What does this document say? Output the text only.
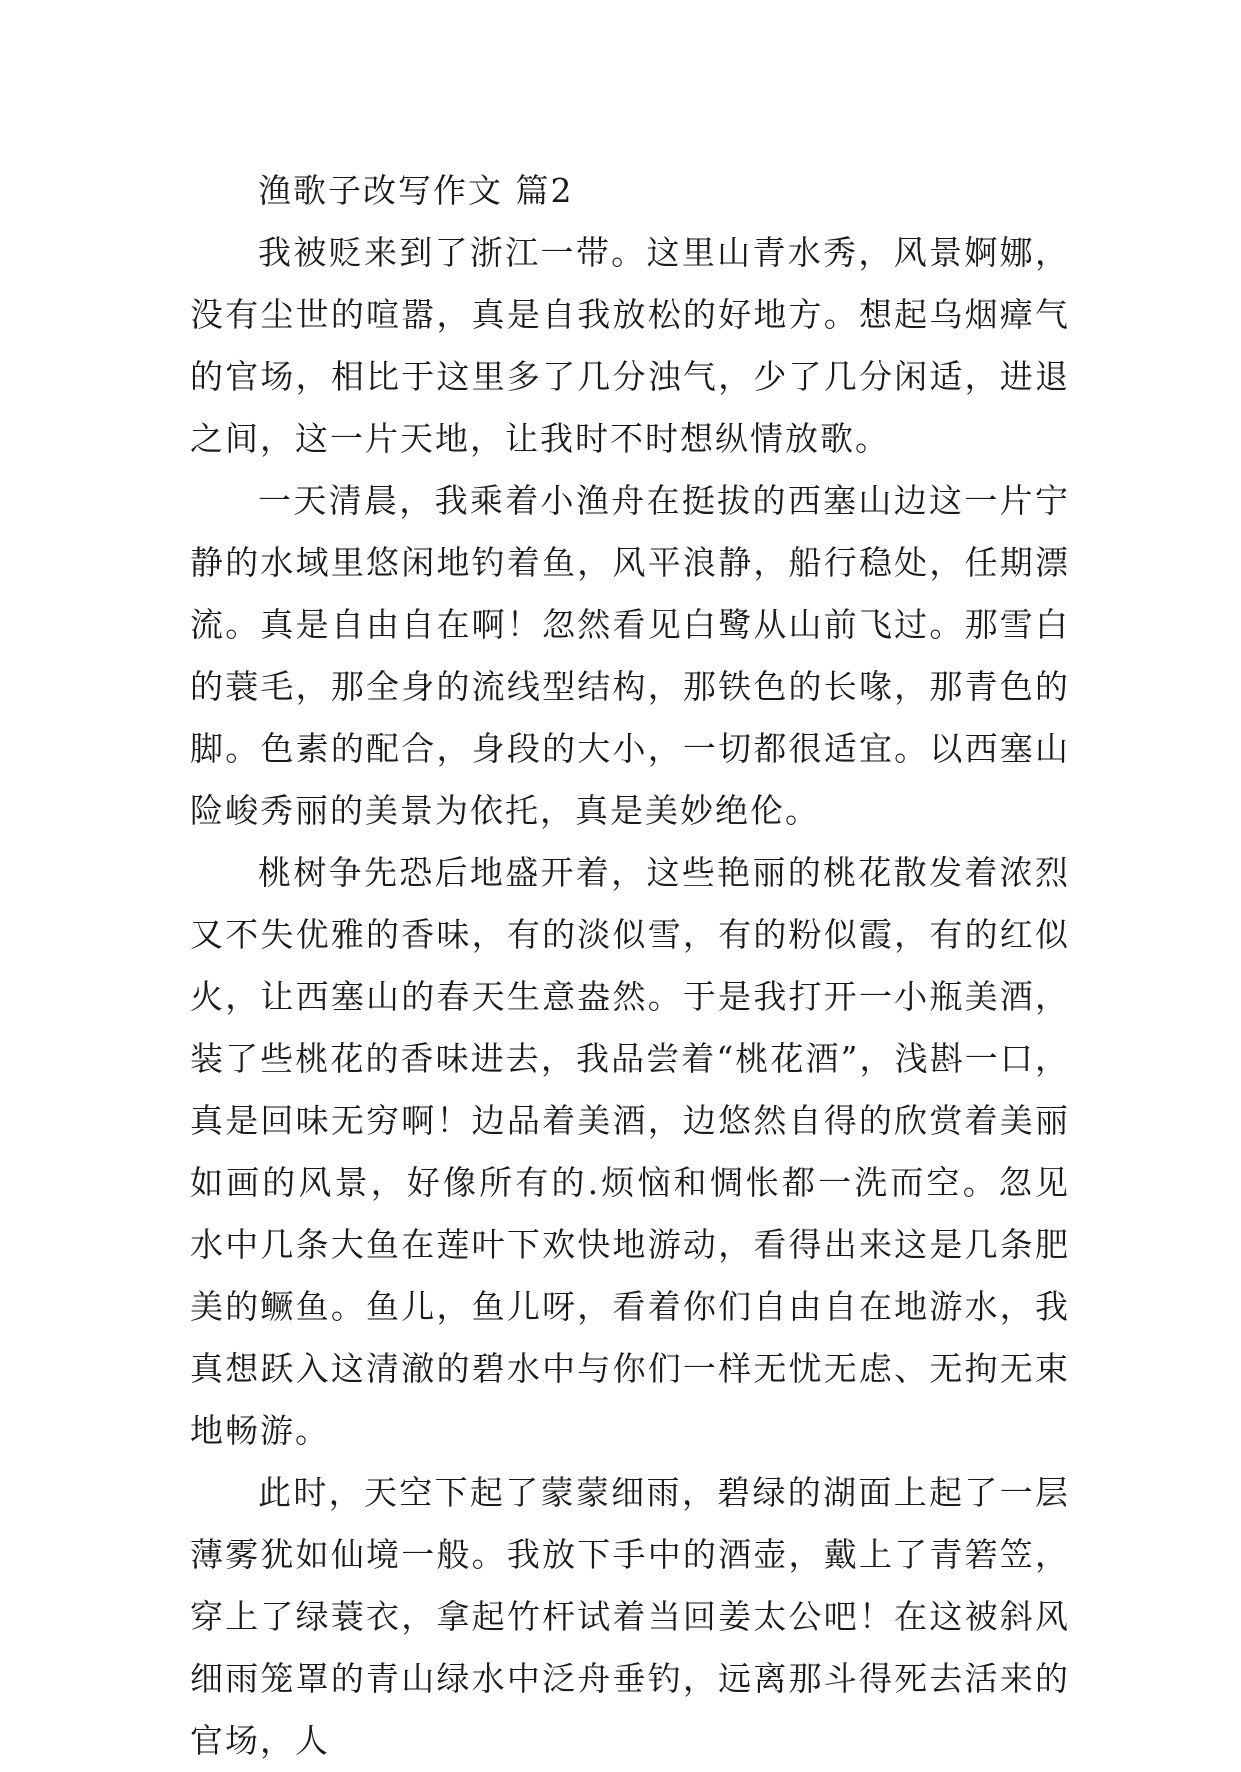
渔歌子改写作文 篇2

我被贬来到了浙江一带。这里山青水秀，风景婀娜，没有尘世的喧嚣，真是自我放松的好地方。想起乌烟瘴气的官场，相比于这里多了几分浊气，少了几分闲适，进退之间，这一片天地，让我时不时想纵情放歌。

一天清晨，我乘着小渔舟在挺拔的西塞山边这一片宁静的水域里悠闲地钓着鱼，风平浪静，船行稳处，任期漂流。真是自由自在啊！忽然看见白鹭从山前飞过。那雪白的蓑毛，那全身的流线型结构，那铁色的长喙，那青色的脚。色素的配合，身段的大小，一切都很适宜。以西塞山险峻秀丽的美景为依托，真是美妙绝伦。

桃树争先恐后地盛开着，这些艳丽的桃花散发着浓烈又不失优雅的香味，有的淡似雪，有的粉似霞，有的红似火，让西塞山的春天生意盎然。于是我打开一小瓶美酒，装了些桃花的香味进去，我品尝着“桃花酒”，浅斟一口，真是回味无穷啊！边品着美酒，边悠然自得的欣赏着美丽如画的风景，好像所有的.烦恼和惆怅都一洗而空。忽见水中几条大鱼在莲叶下欢快地游动，看得出来这是几条肥美的鳜鱼。鱼儿，鱼儿呀，看着你们自由自在地游水，我真想跃入这清澈的碧水中与你们一样无忧无虑、无拘无束地畅游。

此时，天空下起了蒙蒙细雨，碧绿的湖面上起了一层薄雾犹如仙境一般。我放下手中的酒壶，戴上了青箬笠，穿上了绿蓑衣，拿起竹杆试着当回姜太公吧！在这被斜风细雨笼罩的青山绿水中泛舟垂钓，远离那斗得死去活来的官场，人
